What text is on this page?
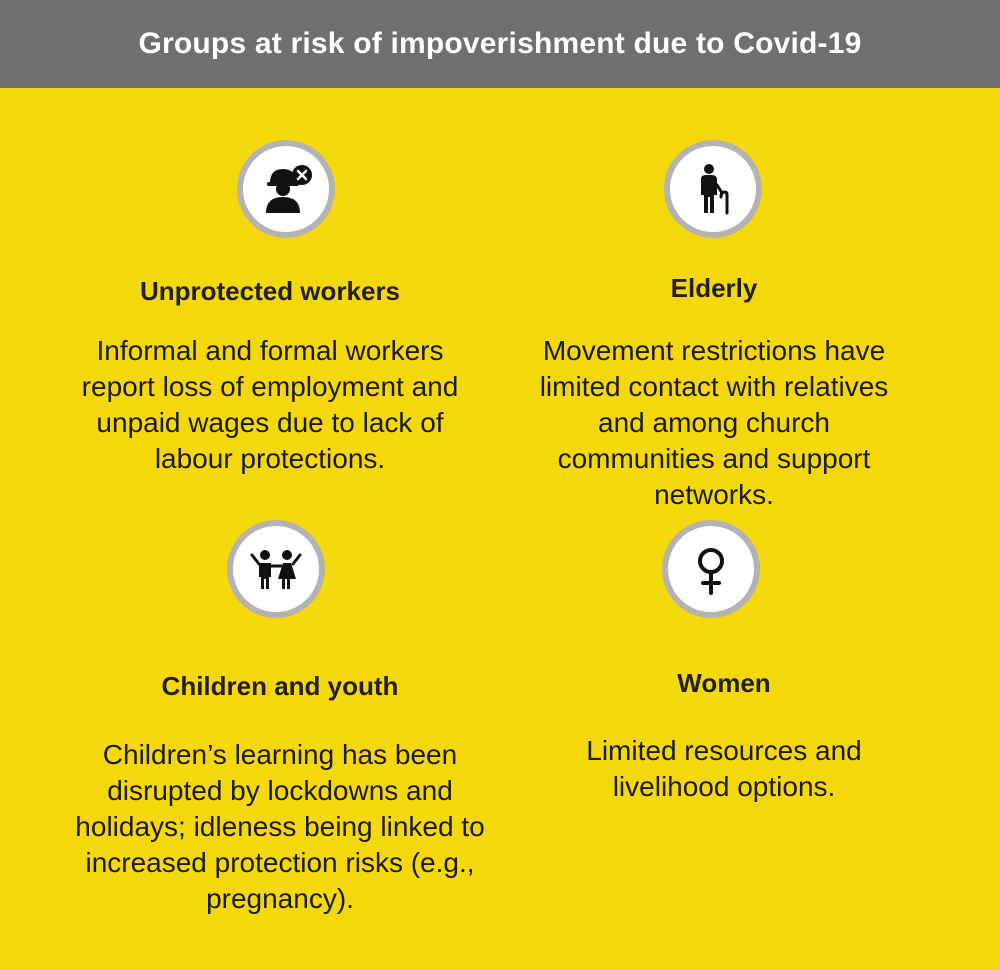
Groups at risk of impoverishment due to Covid-19
Unprotected workers

Informal and formal workers report loss of employment and unpaid wages due to lack of labour protections.

Elderly

Movement restrictions have limited contact with relatives and among church communities and support networks.

Children and youth

Children’s learning has been disrupted by lockdowns and holidays; idleness being linked to increased protection risks (e.g., pregnancy).

Women

Limited resources and livelihood options.
